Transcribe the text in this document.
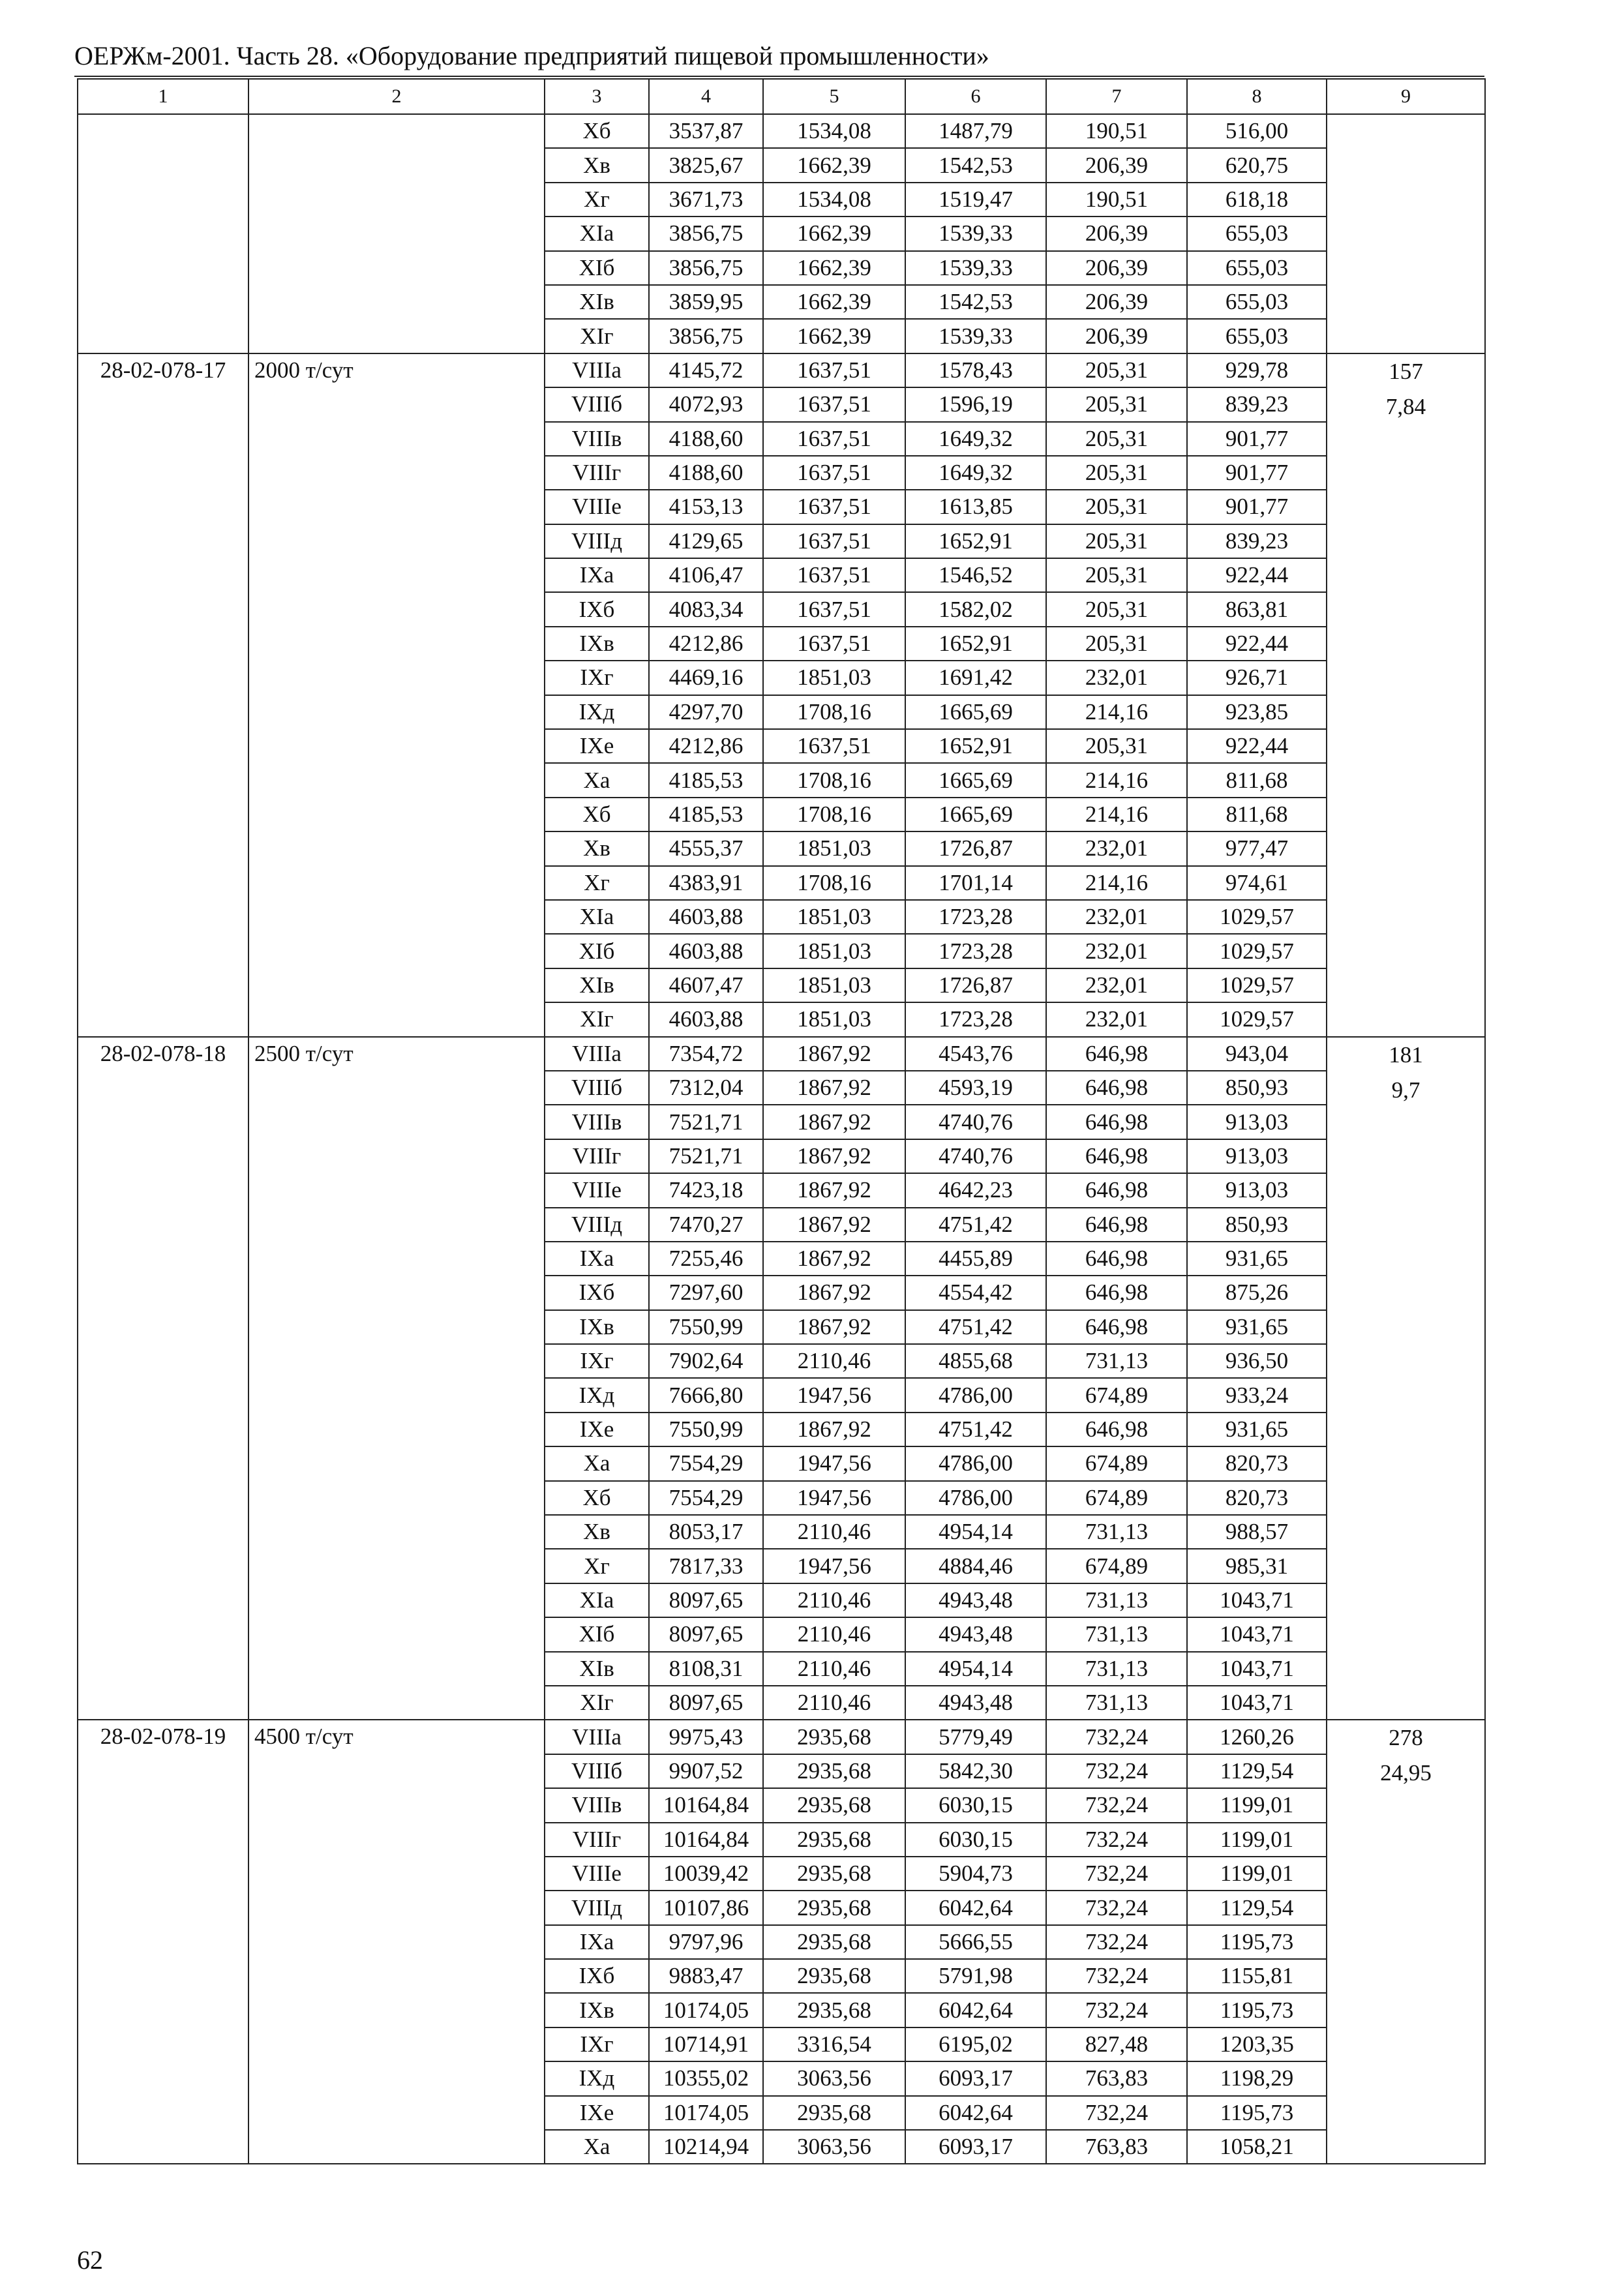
ОЕРЖм-2001. Часть 28. «Оборудование предприятий пищевой промышленности»
1	2	3	4	5	6	7	8	9
		Хб	3537,87	1534,08	1487,79	190,51	516,00	
		Хв	3825,67	1662,39	1542,53	206,39	620,75	
		Хг	3671,73	1534,08	1519,47	190,51	618,18	
		ХIа	3856,75	1662,39	1539,33	206,39	655,03	
		ХIб	3856,75	1662,39	1539,33	206,39	655,03	
		ХIв	3859,95	1662,39	1542,53	206,39	655,03	
		ХIг	3856,75	1662,39	1539,33	206,39	655,03	
28-02-078-17	2000 т/сут	VIIIа	4145,72	1637,51	1578,43	205,31	929,78	157
7,84

		VIIIб	4072,93	1637,51	1596,19	205,31	839,23	
		VIIIв	4188,60	1637,51	1649,32	205,31	901,77	
		VIIIг	4188,60	1637,51	1649,32	205,31	901,77	
		VIIIе	4153,13	1637,51	1613,85	205,31	901,77	
		VIIIд	4129,65	1637,51	1652,91	205,31	839,23	
		IХа	4106,47	1637,51	1546,52	205,31	922,44	
		IХб	4083,34	1637,51	1582,02	205,31	863,81	
		IХв	4212,86	1637,51	1652,91	205,31	922,44	
		IХг	4469,16	1851,03	1691,42	232,01	926,71	
		IХд	4297,70	1708,16	1665,69	214,16	923,85	
		IХе	4212,86	1637,51	1652,91	205,31	922,44	
		Ха	4185,53	1708,16	1665,69	214,16	811,68	
		Хб	4185,53	1708,16	1665,69	214,16	811,68	
		Хв	4555,37	1851,03	1726,87	232,01	977,47	
		Хг	4383,91	1708,16	1701,14	214,16	974,61	
		ХIа	4603,88	1851,03	1723,28	232,01	1029,57	
		ХIб	4603,88	1851,03	1723,28	232,01	1029,57	
		ХIв	4607,47	1851,03	1726,87	232,01	1029,57	
		ХIг	4603,88	1851,03	1723,28	232,01	1029,57	
28-02-078-18	2500 т/сут	VIIIа	7354,72	1867,92	4543,76	646,98	943,04	181
9,7

		VIIIб	7312,04	1867,92	4593,19	646,98	850,93	
		VIIIв	7521,71	1867,92	4740,76	646,98	913,03	
		VIIIг	7521,71	1867,92	4740,76	646,98	913,03	
		VIIIе	7423,18	1867,92	4642,23	646,98	913,03	
		VIIIд	7470,27	1867,92	4751,42	646,98	850,93	
		IХа	7255,46	1867,92	4455,89	646,98	931,65	
		IХб	7297,60	1867,92	4554,42	646,98	875,26	
		IХв	7550,99	1867,92	4751,42	646,98	931,65	
		IХг	7902,64	2110,46	4855,68	731,13	936,50	
		IХд	7666,80	1947,56	4786,00	674,89	933,24	
		IХе	7550,99	1867,92	4751,42	646,98	931,65	
		Ха	7554,29	1947,56	4786,00	674,89	820,73	
		Хб	7554,29	1947,56	4786,00	674,89	820,73	
		Хв	8053,17	2110,46	4954,14	731,13	988,57	
		Хг	7817,33	1947,56	4884,46	674,89	985,31	
		ХIа	8097,65	2110,46	4943,48	731,13	1043,71	
		ХIб	8097,65	2110,46	4943,48	731,13	1043,71	
		ХIв	8108,31	2110,46	4954,14	731,13	1043,71	
		ХIг	8097,65	2110,46	4943,48	731,13	1043,71	
28-02-078-19	4500 т/сут	VIIIа	9975,43	2935,68	5779,49	732,24	1260,26	278
24,95

		VIIIб	9907,52	2935,68	5842,30	732,24	1129,54	
		VIIIв	10164,84	2935,68	6030,15	732,24	1199,01	
		VIIIг	10164,84	2935,68	6030,15	732,24	1199,01	
		VIIIе	10039,42	2935,68	5904,73	732,24	1199,01	
		VIIIд	10107,86	2935,68	6042,64	732,24	1129,54	
		IХа	9797,96	2935,68	5666,55	732,24	1195,73	
		IХб	9883,47	2935,68	5791,98	732,24	1155,81	
		IХв	10174,05	2935,68	6042,64	732,24	1195,73	
		IХг	10714,91	3316,54	6195,02	827,48	1203,35	
		IХд	10355,02	3063,56	6093,17	763,83	1198,29	
		IХе	10174,05	2935,68	6042,64	732,24	1195,73	
		Ха	10214,94	3063,56	6093,17	763,83	1058,21	
62
